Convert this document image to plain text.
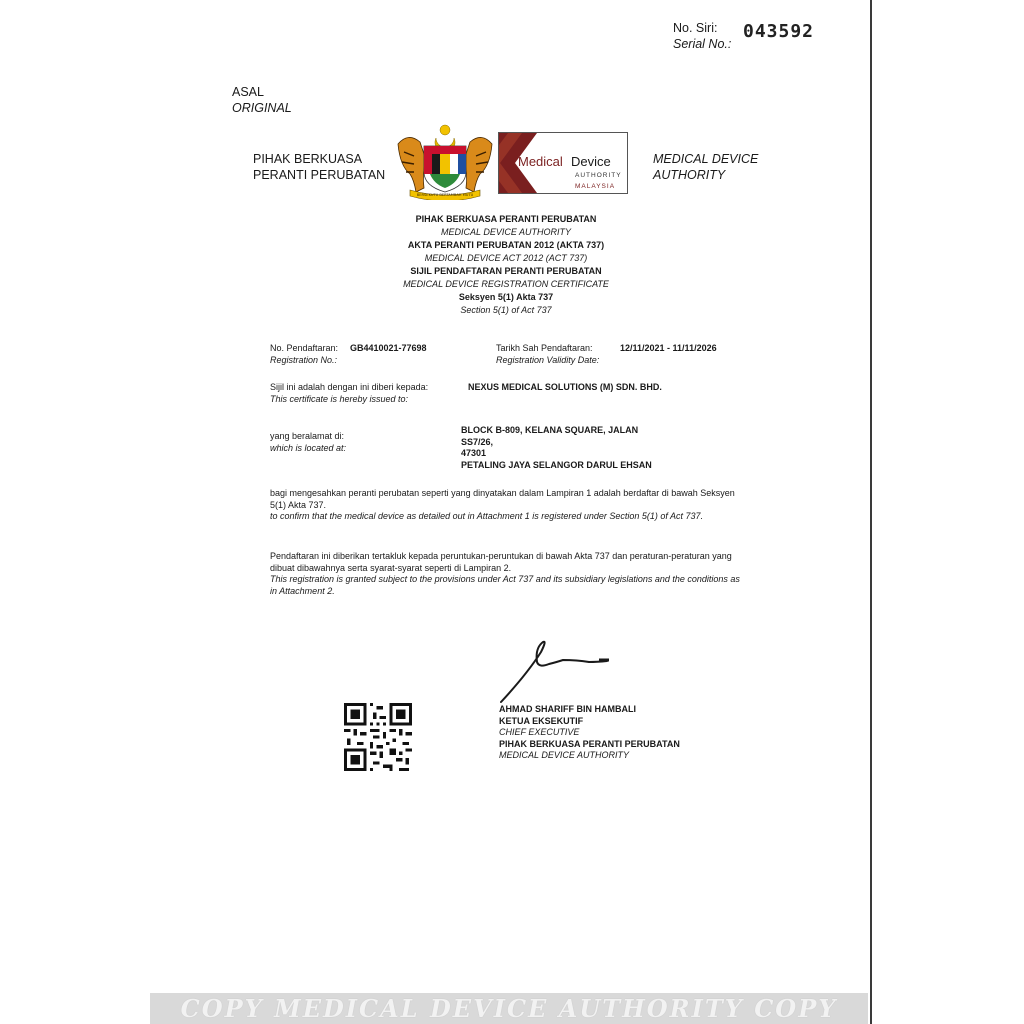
No. Siri:
Serial No.:
043592
ASAL
ORIGINAL
PIHAK BERKUASA
PERANTI PERUBATAN
MEDICAL DEVICE
AUTHORITY
BERSEKUTU BERTAMBAH MUTU
Medical Device
AUTHORITY
MALAYSIA
PIHAK BERKUASA PERANTI PERUBATAN
MEDICAL DEVICE AUTHORITY
AKTA PERANTI PERUBATAN 2012 (AKTA 737)
MEDICAL DEVICE ACT 2012 (ACT 737)
SIJIL PENDAFTARAN PERANTI PERUBATAN
MEDICAL DEVICE REGISTRATION CERTIFICATE
Seksyen 5(1) Akta 737
Section 5(1) of Act 737
No. Pendaftaran:
Registration No.:
GB4410021-77698	Tarikh Sah Pendaftaran:
Registration Validity Date:
12/11/2021 - 11/11/2026
Sijil ini adalah dengan ini diberi kepada:
This certificate is hereby issued to:
NEXUS MEDICAL SOLUTIONS (M) SDN. BHD.
yang beralamat di:
which is located at:
BLOCK B-809, KELANA SQUARE, JALAN
SS7/26,
47301
PETALING JAYA SELANGOR DARUL EHSAN
bagi mengesahkan peranti perubatan seperti yang dinyatakan dalam Lampiran 1 adalah berdaftar di bawah Seksyen 5(1) Akta 737.
to confirm that the medical device as detailed out in Attachment 1 is registered under Section 5(1) of Act 737.
Pendaftaran ini diberikan tertakluk kepada peruntukan-peruntukan di bawah Akta 737 dan peraturan-peraturan yang dibuat dibawahnya serta syarat-syarat seperti di Lampiran 2.
This registration is granted subject to the provisions under Act 737 and its subsidiary legislations and the conditions as in Attachment 2.
AHMAD SHARIFF BIN HAMBALI
KETUA EKSEKUTIF
CHIEF EXECUTIVE
PIHAK BERKUASA PERANTI PERUBATAN
MEDICAL DEVICE AUTHORITY
COPY MEDICAL DEVICE AUTHORITY COPY
